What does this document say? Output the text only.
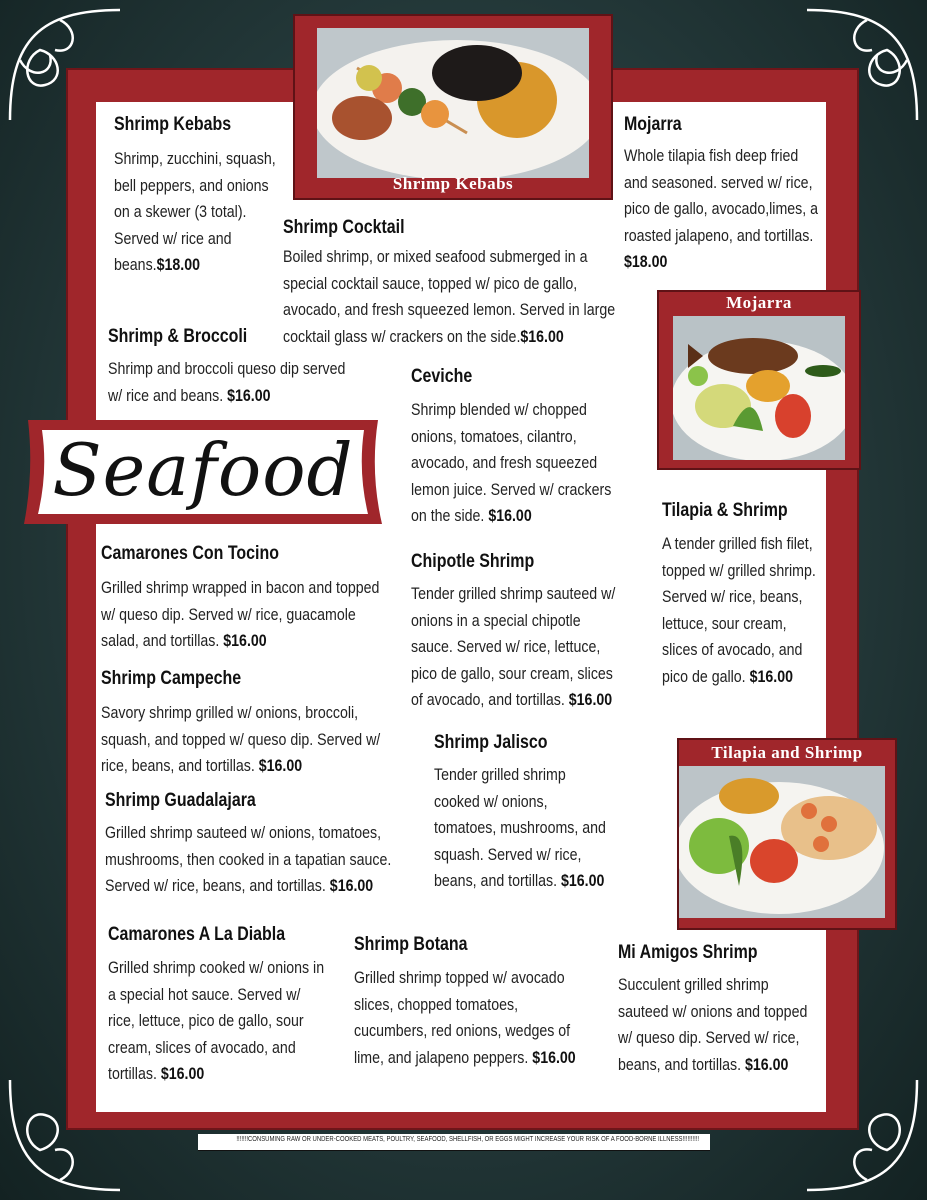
Shrimp Kebabs
Mojarra
Tilapia and Shrimp
Seafood
Shrimp Kebabs
Shrimp, zucchini, squash, bell peppers, and onions on a skewer (3 total). Served w/ rice and beans.$18.00
Shrimp Cocktail
Boiled shrimp, or mixed seafood submerged in a special cocktail sauce, topped w/ pico de gallo, avocado, and fresh squeezed lemon. Served in large cocktail glass w/ crackers on the side.$16.00
Mojarra
Whole tilapia fish deep fried and seasoned. served w/ rice, pico de gallo, avocado,limes, a roasted jalapeno, and tortillas. $18.00
Shrimp & Broccoli
Shrimp and broccoli queso dip served w/ rice and beans. $16.00
Ceviche
Shrimp blended w/ chopped onions, tomatoes, cilantro, avocado, and fresh squeezed lemon juice. Served w/ crackers on the side. $16.00	Tilapia & Shrimp
A tender grilled fish filet, topped w/ grilled shrimp. Served w/ rice, beans, lettuce, sour cream, slices of avocado, and pico de gallo. $16.00
Camarones Con Tocino
Grilled shrimp wrapped in bacon and topped w/ queso dip. Served w/ rice, guacamole salad, and tortillas. $16.00
Chipotle Shrimp
Tender grilled shrimp sauteed w/ onions in a special chipotle sauce. Served w/ rice, lettuce, pico de gallo, sour cream, slices of avocado, and tortillas. $16.00
Shrimp Campeche
Savory shrimp grilled w/ onions, broccoli, squash, and topped w/ queso dip. Served w/ rice, beans, and tortillas. $16.00
Shrimp Jalisco
Tender grilled shrimp cooked w/ onions, tomatoes, mushrooms, and squash. Served w/ rice, beans, and tortillas. $16.00
Shrimp Guadalajara
Grilled shrimp sauteed w/ onions, tomatoes, mushrooms, then cooked in a tapatian sauce. Served w/ rice, beans, and tortillas. $16.00
Camarones A La Diabla
Grilled shrimp cooked w/ onions in a special hot sauce. Served w/ rice, lettuce, pico de gallo, sour cream, slices of avocado, and tortillas. $16.00
Shrimp Botana
Grilled shrimp topped w/ avocado slices, chopped tomatoes, cucumbers, red onions, wedges of lime, and jalapeno peppers. $16.00
Mi Amigos Shrimp
Succulent grilled shrimp sauteed w/ onions and topped w/ queso dip. Served w/ rice, beans, and tortillas. $16.00
!!!!!!!CONSUMING RAW OR UNDER-COOKED MEATS, POULTRY, SEAFOOD, SHELLFISH, OR EGGS MIGHT INCREASE YOUR RISK OF A FOOD-BORNE ILLNESS!!!!!!!!!!
